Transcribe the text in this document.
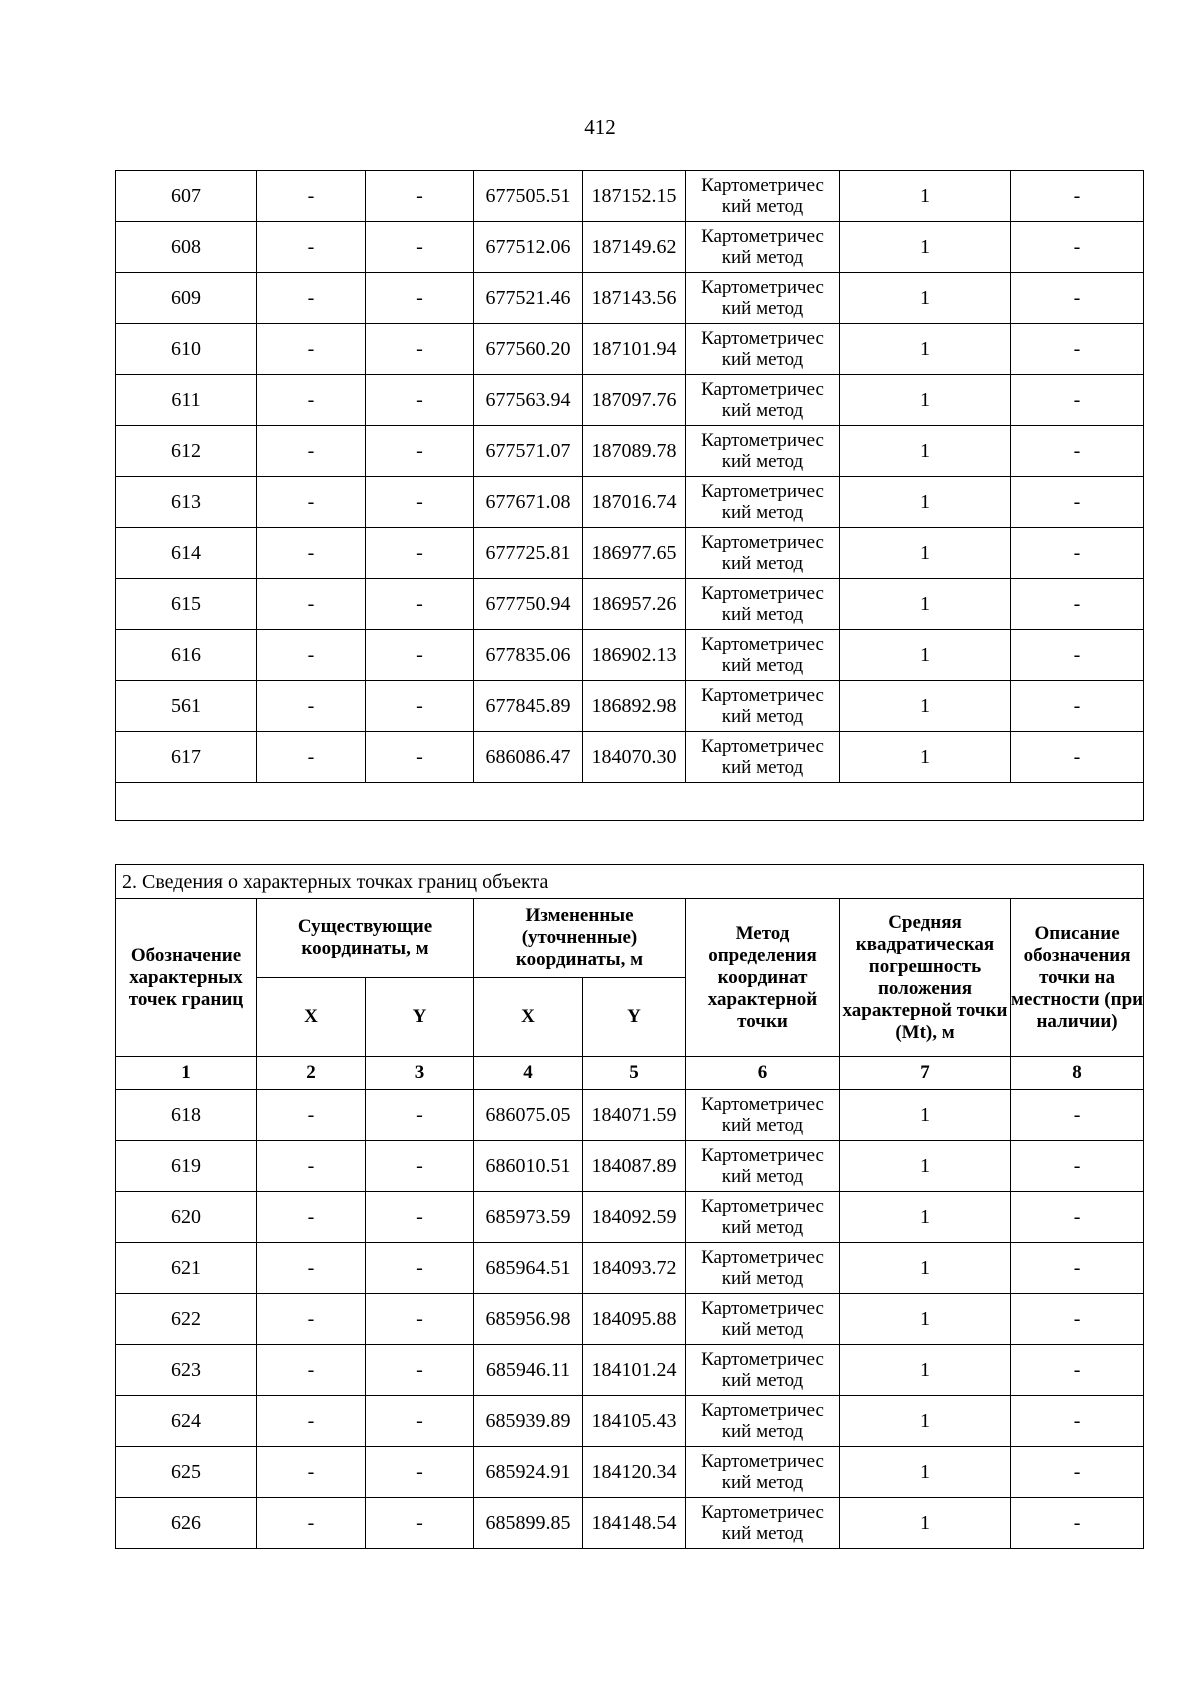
412
607	-	-	677505.51	187152.15	Картометричес кий метод	1	-
608	-	-	677512.06	187149.62	Картометричес кий метод	1	-
609	-	-	677521.46	187143.56	Картометричес кий метод	1	-
610	-	-	677560.20	187101.94	Картометричес кий метод	1	-
611	-	-	677563.94	187097.76	Картометричес кий метод	1	-
612	-	-	677571.07	187089.78	Картометричес кий метод	1	-
613	-	-	677671.08	187016.74	Картометричес кий метод	1	-
614	-	-	677725.81	186977.65	Картометричес кий метод	1	-
615	-	-	677750.94	186957.26	Картометричес кий метод	1	-
616	-	-	677835.06	186902.13	Картометричес кий метод	1	-
561	-	-	677845.89	186892.98	Картометричес кий метод	1	-
617	-	-	686086.47	184070.30	Картометричес кий метод	1	-

2. Сведения о характерных точках границ объекта							
Обозначение характерных точек границ	Существующие координаты, м		Измененные (уточненные) координаты, м		Метод определения координат характерной точки	Средняя квадратическая погрешность положения характерной точки (Mt), м	Описание обозначения точки на местности (при наличии)
	X	Y	X	Y			
1	2	3	4	5	6	7	8
618	-	-	686075.05	184071.59	Картометричес кий метод	1	-
619	-	-	686010.51	184087.89	Картометричес кий метод	1	-
620	-	-	685973.59	184092.59	Картометричес кий метод	1	-
621	-	-	685964.51	184093.72	Картометричес кий метод	1	-
622	-	-	685956.98	184095.88	Картометричес кий метод	1	-
623	-	-	685946.11	184101.24	Картометричес кий метод	1	-
624	-	-	685939.89	184105.43	Картометричес кий метод	1	-
625	-	-	685924.91	184120.34	Картометричес кий метод	1	-
626	-	-	685899.85	184148.54	Картометричес кий метод	1	-
